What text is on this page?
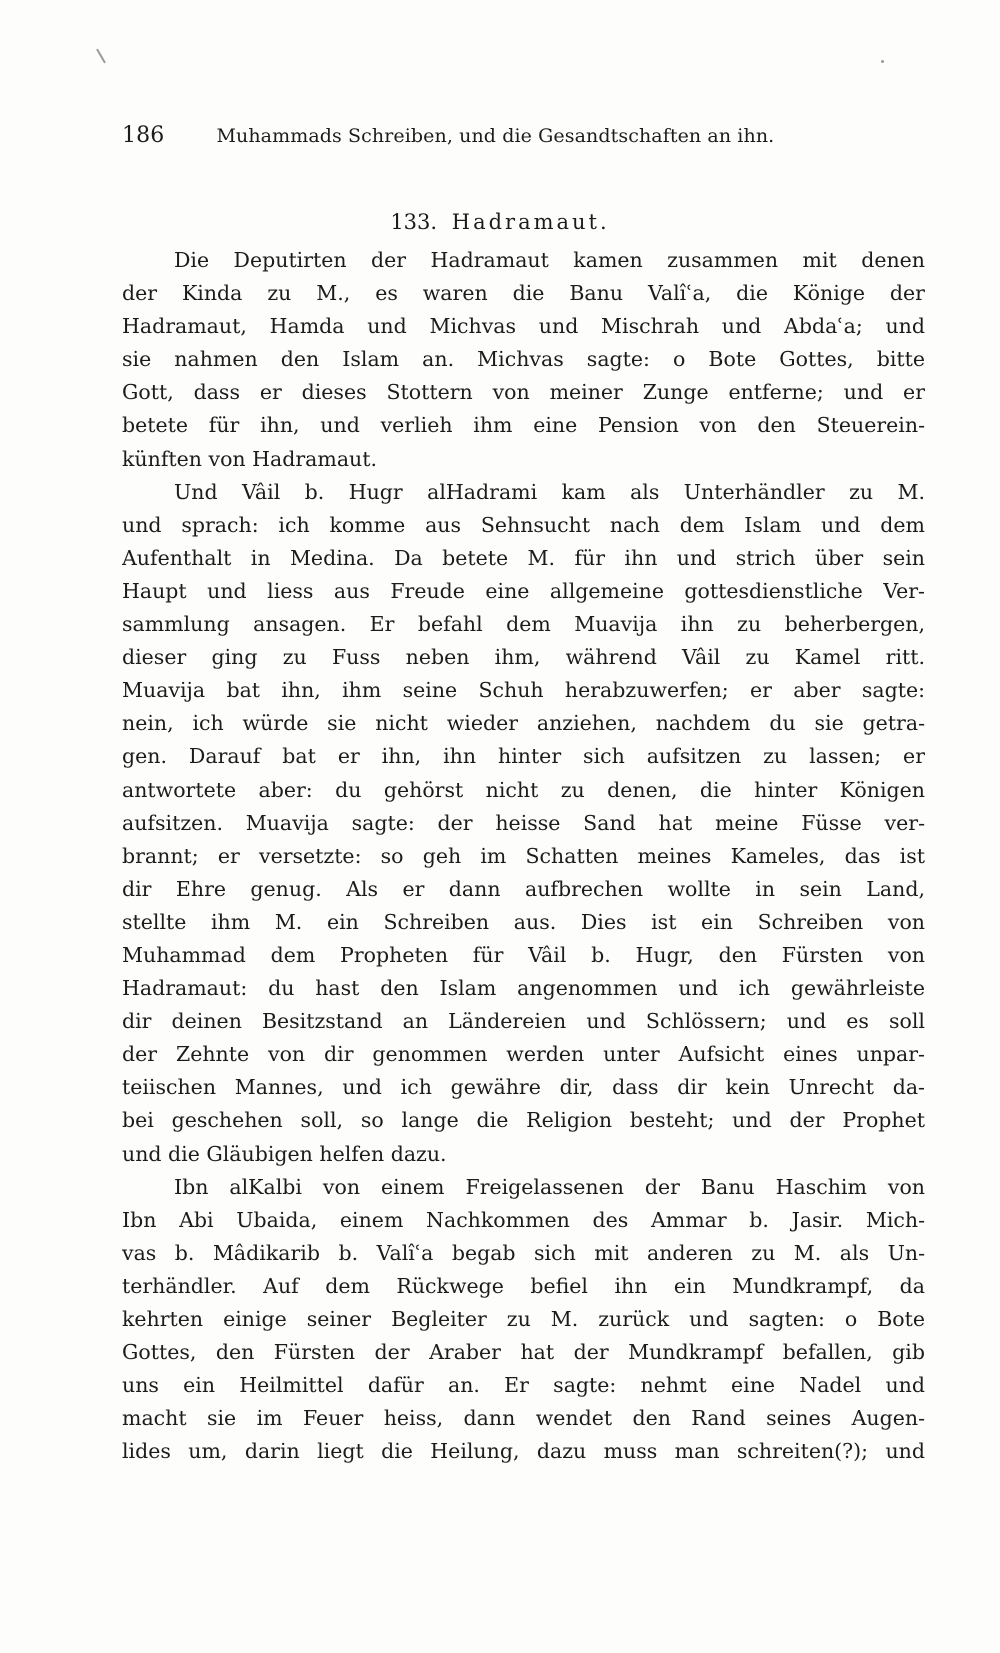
186	Muhammads Schreiben, und die Gesandtschaften an ihn.
133. Hadramaut.
Die Deputirten der Hadramaut kamen zusammen mit denen
der Kinda zu M., es waren die Banu Valîʿa, die Könige der
Hadramaut, Hamda und Michvas und Mischrah und Abdaʿa; und
sie nahmen den Islam an. Michvas sagte: o Bote Gottes, bitte
Gott, dass er dieses Stottern von meiner Zunge entferne; und er
betete für ihn, und verlieh ihm eine Pension von den Steuerein-
künften von Hadramaut.
Und Vâil b. Hugr alHadrami kam als Unterhändler zu M.
und sprach: ich komme aus Sehnsucht nach dem Islam und dem
Aufenthalt in Medina. Da betete M. für ihn und strich über sein
Haupt und liess aus Freude eine allgemeine gottesdienstliche Ver-
sammlung ansagen. Er befahl dem Muavija ihn zu beherbergen,
dieser ging zu Fuss neben ihm, während Vâil zu Kamel ritt.
Muavija bat ihn, ihm seine Schuh herabzuwerfen; er aber sagte:
nein, ich würde sie nicht wieder anziehen, nachdem du sie getra-
gen. Darauf bat er ihn, ihn hinter sich aufsitzen zu lassen; er
antwortete aber: du gehörst nicht zu denen, die hinter Königen
aufsitzen. Muavija sagte: der heisse Sand hat meine Füsse ver-
brannt; er versetzte: so geh im Schatten meines Kameles, das ist
dir Ehre genug. Als er dann aufbrechen wollte in sein Land,
stellte ihm M. ein Schreiben aus. Dies ist ein Schreiben von
Muhammad dem Propheten für Vâil b. Hugr, den Fürsten von
Hadramaut: du hast den Islam angenommen und ich gewährleiste
dir deinen Besitzstand an Ländereien und Schlössern; und es soll
der Zehnte von dir genommen werden unter Aufsicht eines unpar-
teiischen Mannes, und ich gewähre dir, dass dir kein Unrecht da-
bei geschehen soll, so lange die Religion besteht; und der Prophet
und die Gläubigen helfen dazu.
Ibn alKalbi von einem Freigelassenen der Banu Haschim von
Ibn Abi Ubaida, einem Nachkommen des Ammar b. Jasir. Mich-
vas b. Mâdikarib b. Valîʿa begab sich mit anderen zu M. als Un-
terhändler. Auf dem Rückwege befiel ihn ein Mundkrampf, da
kehrten einige seiner Begleiter zu M. zurück und sagten: o Bote
Gottes, den Fürsten der Araber hat der Mundkrampf befallen, gib
uns ein Heilmittel dafür an. Er sagte: nehmt eine Nadel und
macht sie im Feuer heiss, dann wendet den Rand seines Augen-
lides um, darin liegt die Heilung, dazu muss man schreiten(?); und
